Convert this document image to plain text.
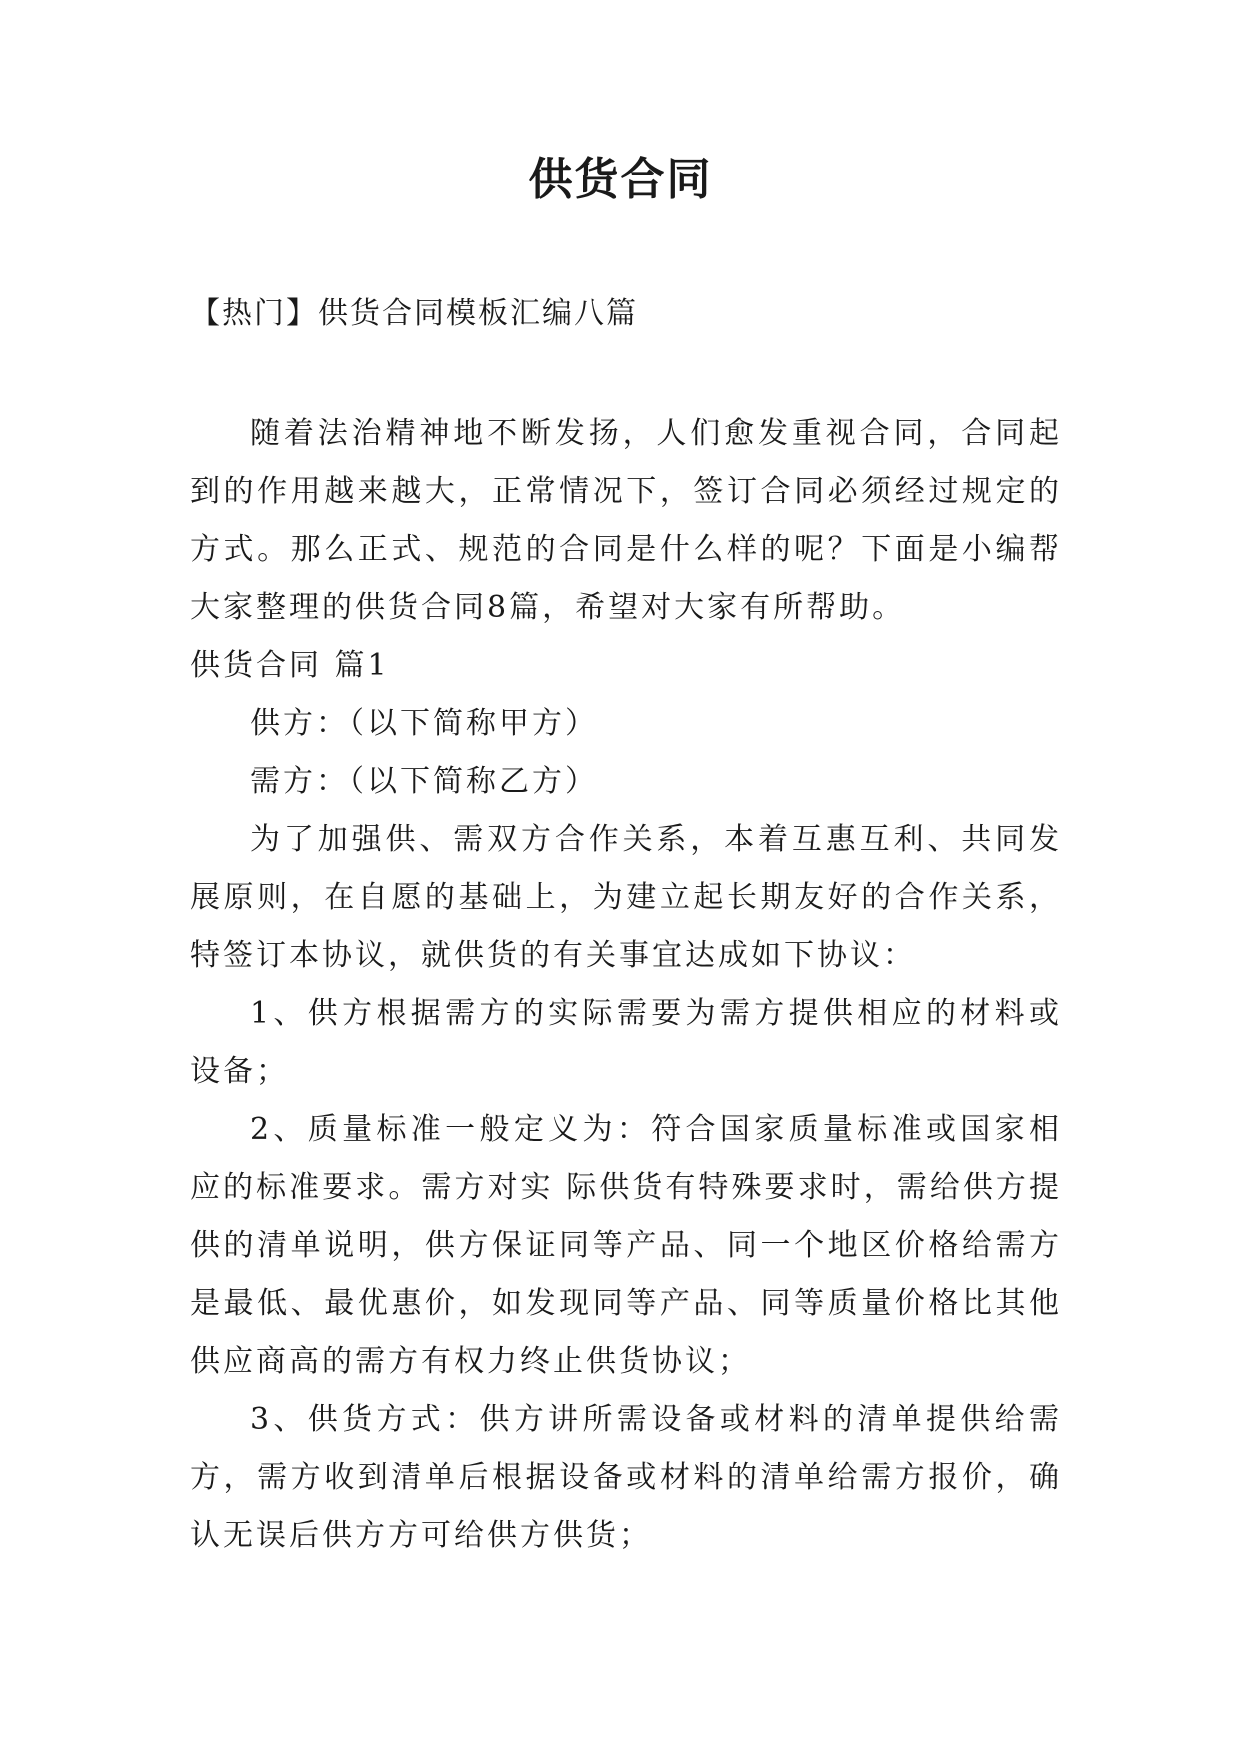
供货合同
【热门】供货合同模板汇编八篇

随着法治精神地不断发扬，人们愈发重视合同，合同起到的作用越来越大，正常情况下，签订合同必须经过规定的方式。那么正式、规范的合同是什么样的呢？下面是小编帮大家整理的供货合同8篇，希望对大家有所帮助。

供货合同 篇1

供方：（以下简称甲方）

需方：（以下简称乙方）

为了加强供、需双方合作关系，本着互惠互利、共同发展原则，在自愿的基础上，为建立起长期友好的合作关系，特签订本协议，就供货的有关事宜达成如下协议：

1、供方根据需方的实际需要为需方提供相应的材料或设备；

2、质量标准一般定义为：符合国家质量标准或国家相应的标准要求。需方对实 际供货有特殊要求时，需给供方提供的清单说明，供方保证同等产品、同一个地区价格给需方是最低、最优惠价，如发现同等产品、同等质量价格比其他供应商高的需方有权力终止供货协议；

3、供货方式：供方讲所需设备或材料的清单提供给需方，需方收到清单后根据设备或材料的清单给需方报价，确认无误后供方方可给供方供货；
